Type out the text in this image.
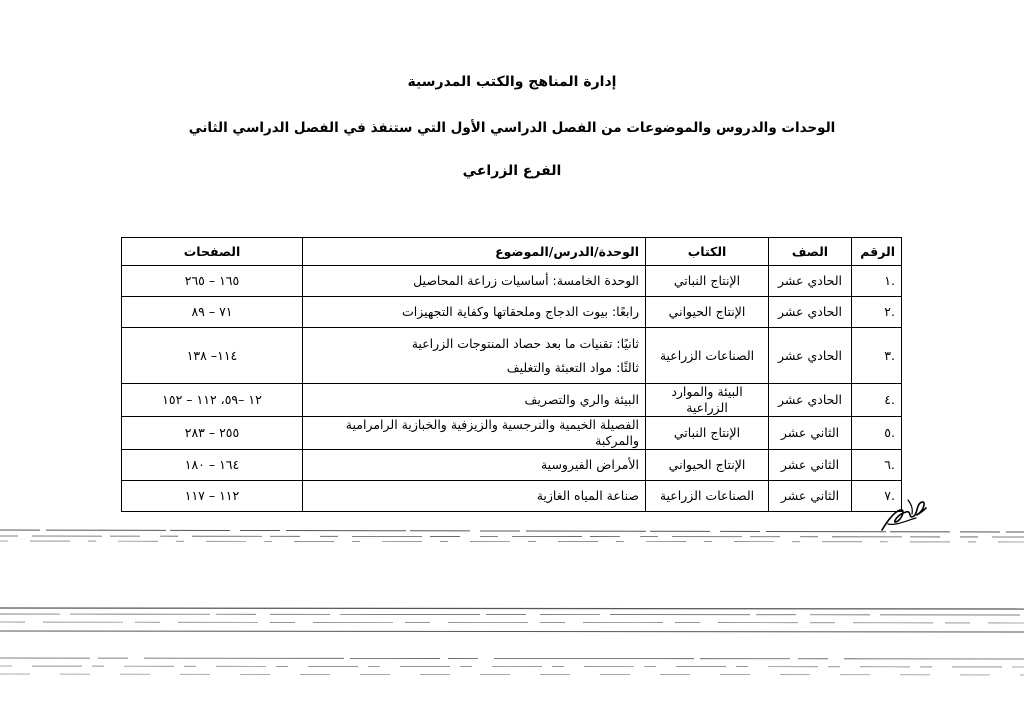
إدارة المناهج والكتب المدرسية
الوحدات والدروس والموضوعات من الفصل الدراسي الأول التي ستنفذ في الفصل الدراسي الثاني
الفرع الزراعي
الرقم	الصف	الكتاب	الوحدة/الدرس/الموضوع	الصفحات
.١	الحادي عشر	الإنتاج النباتي	الوحدة الخامسة: أساسيات زراعة المحاصيل	١٦٥ – ٢٦٥
.٢	الحادي عشر	الإنتاج الحيواني	رابعًا: بيوت الدجاج وملحقاتها وكفاية التجهيزات	٧١ – ٨٩
.٣	الحادي عشر	الصناعات الزراعية	ثانيًا: تقنيات ما بعد حصاد المنتوجات الزراعية
ثالثًا: مواد التعبئة والتغليف	١١٤– ١٣٨
.٤	الحادي عشر	البيئة والموارد الزراعية	البيئة والري والتصريف	١٢ –٥٩، ١١٢ – ١٥٢
.٥	الثاني عشر	الإنتاج النباتي	الفصيلة الخيمية والنرجسية والزيزفية والخبازية الرامرامية والمركبة	٢٥٥ – ٢٨٣
.٦	الثاني عشر	الإنتاج الحيواني	الأمراض الفيروسية	١٦٤ – ١٨٠
.٧	الثاني عشر	الصناعات الزراعية	صناعة المياه الغازية	١١٢ – ١١٧
